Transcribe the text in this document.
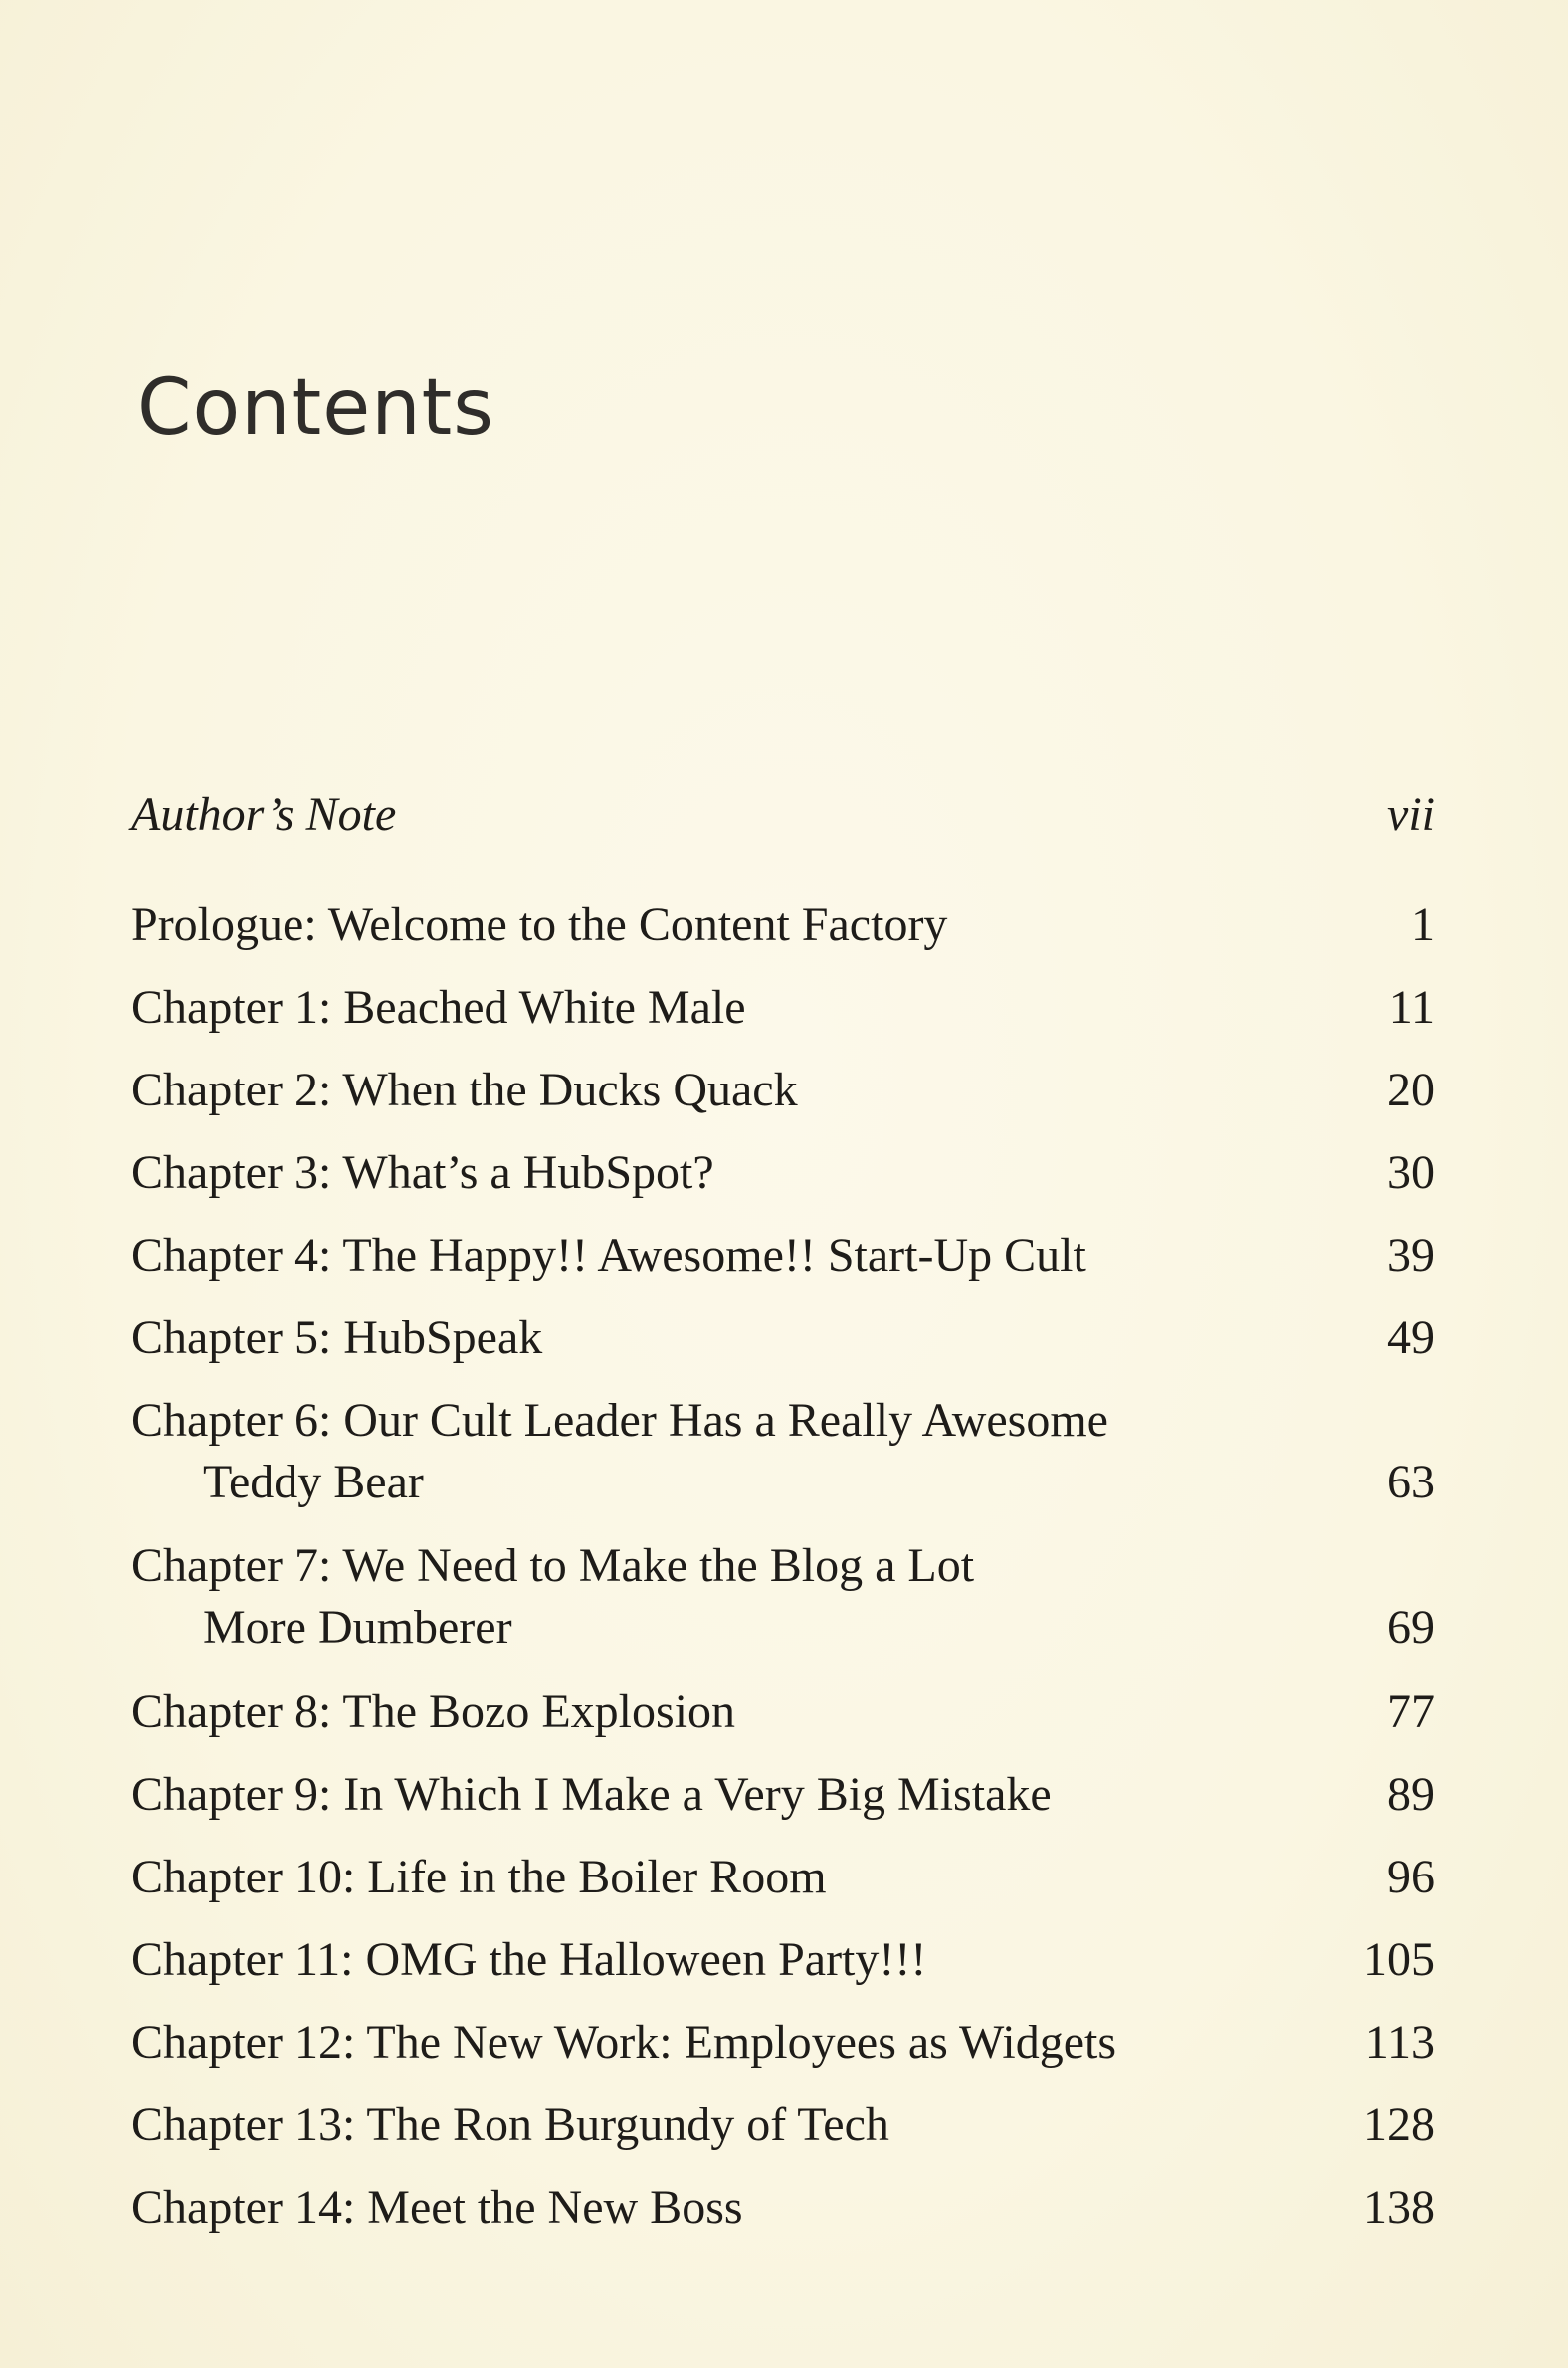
Contents
Author’s Note	vii
Prologue: Welcome to the Content Factory	1
Chapter 1: Beached White Male	11
Chapter 2: When the Ducks Quack	20
Chapter 3: What’s a HubSpot?	30
Chapter 4: The Happy!! Awesome!! Start-Up Cult	39
Chapter 5: HubSpeak	49
Chapter 6: Our Cult Leader Has a Really Awesome
Teddy Bear	63
Chapter 7: We Need to Make the Blog a Lot
More Dumberer	69
Chapter 8: The Bozo Explosion	77
Chapter 9: In Which I Make a Very Big Mistake	89
Chapter 10: Life in the Boiler Room	96
Chapter 11: OMG the Halloween Party!!!	105
Chapter 12: The New Work: Employees as Widgets	113
Chapter 13: The Ron Burgundy of Tech	128
Chapter 14: Meet the New Boss	138
